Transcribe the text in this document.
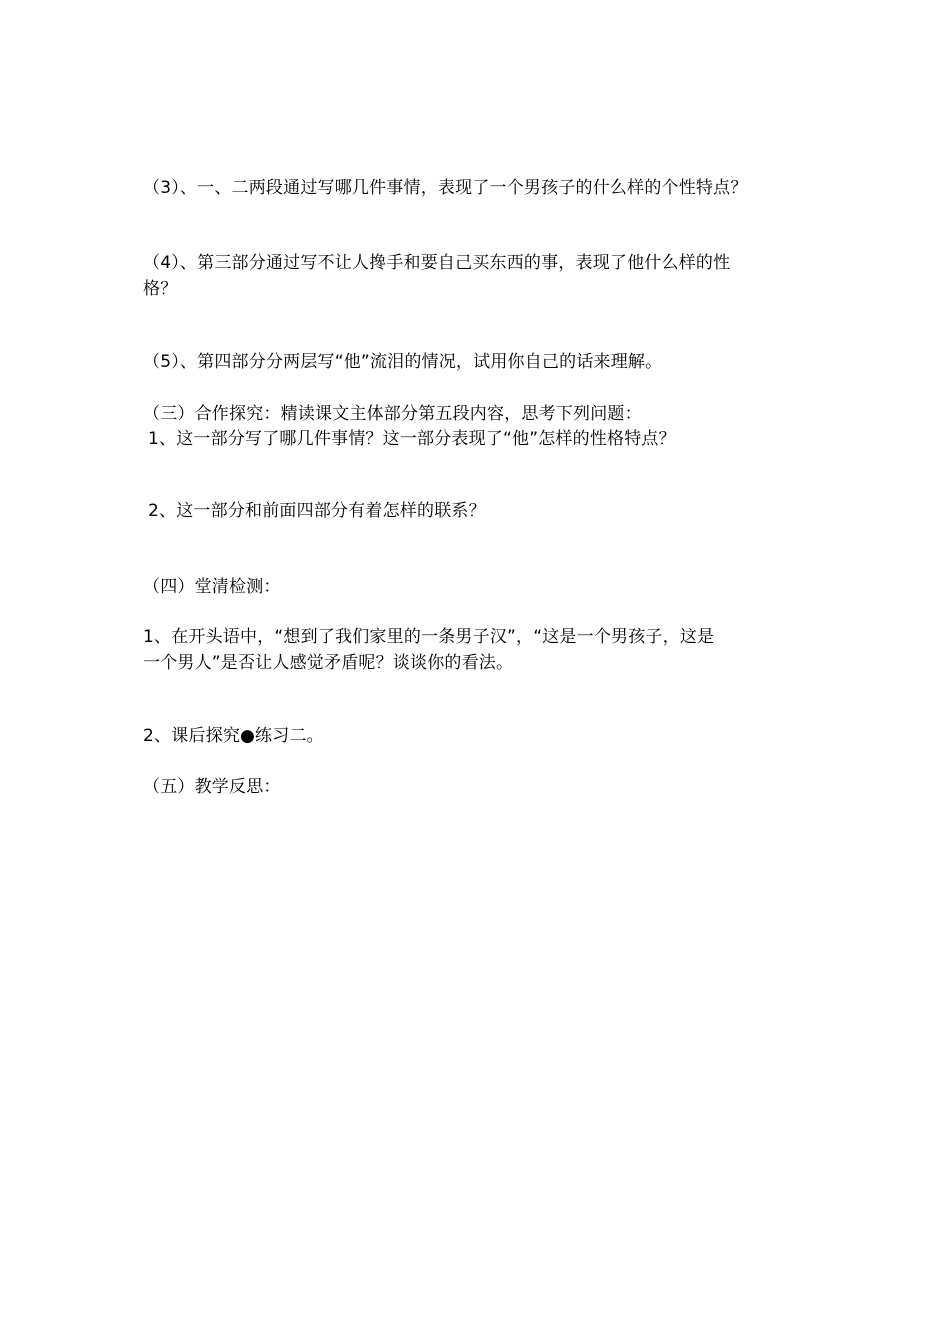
（3）、一、二两段通过写哪几件事情，表现了一个男孩子的什么样的个性特点？
（4）、第三部分通过写不让人搀手和要自己买东西的事，表现了他什么样的性
格？
（5）、第四部分分两层写“他”流泪的情况，试用你自己的话来理解。
（三）合作探究：精读课文主体部分第五段内容，思考下列问题：
1、这一部分写了哪几件事情？这一部分表现了“他”怎样的性格特点？
2、这一部分和前面四部分有着怎样的联系？
（四）堂清检测：
1、在开头语中，“想到了我们家里的一条男子汉”，“这是一个男孩子，这是
一个男人”是否让人感觉矛盾呢？谈谈你的看法。
2、课后探究●练习二。
（五）教学反思：
